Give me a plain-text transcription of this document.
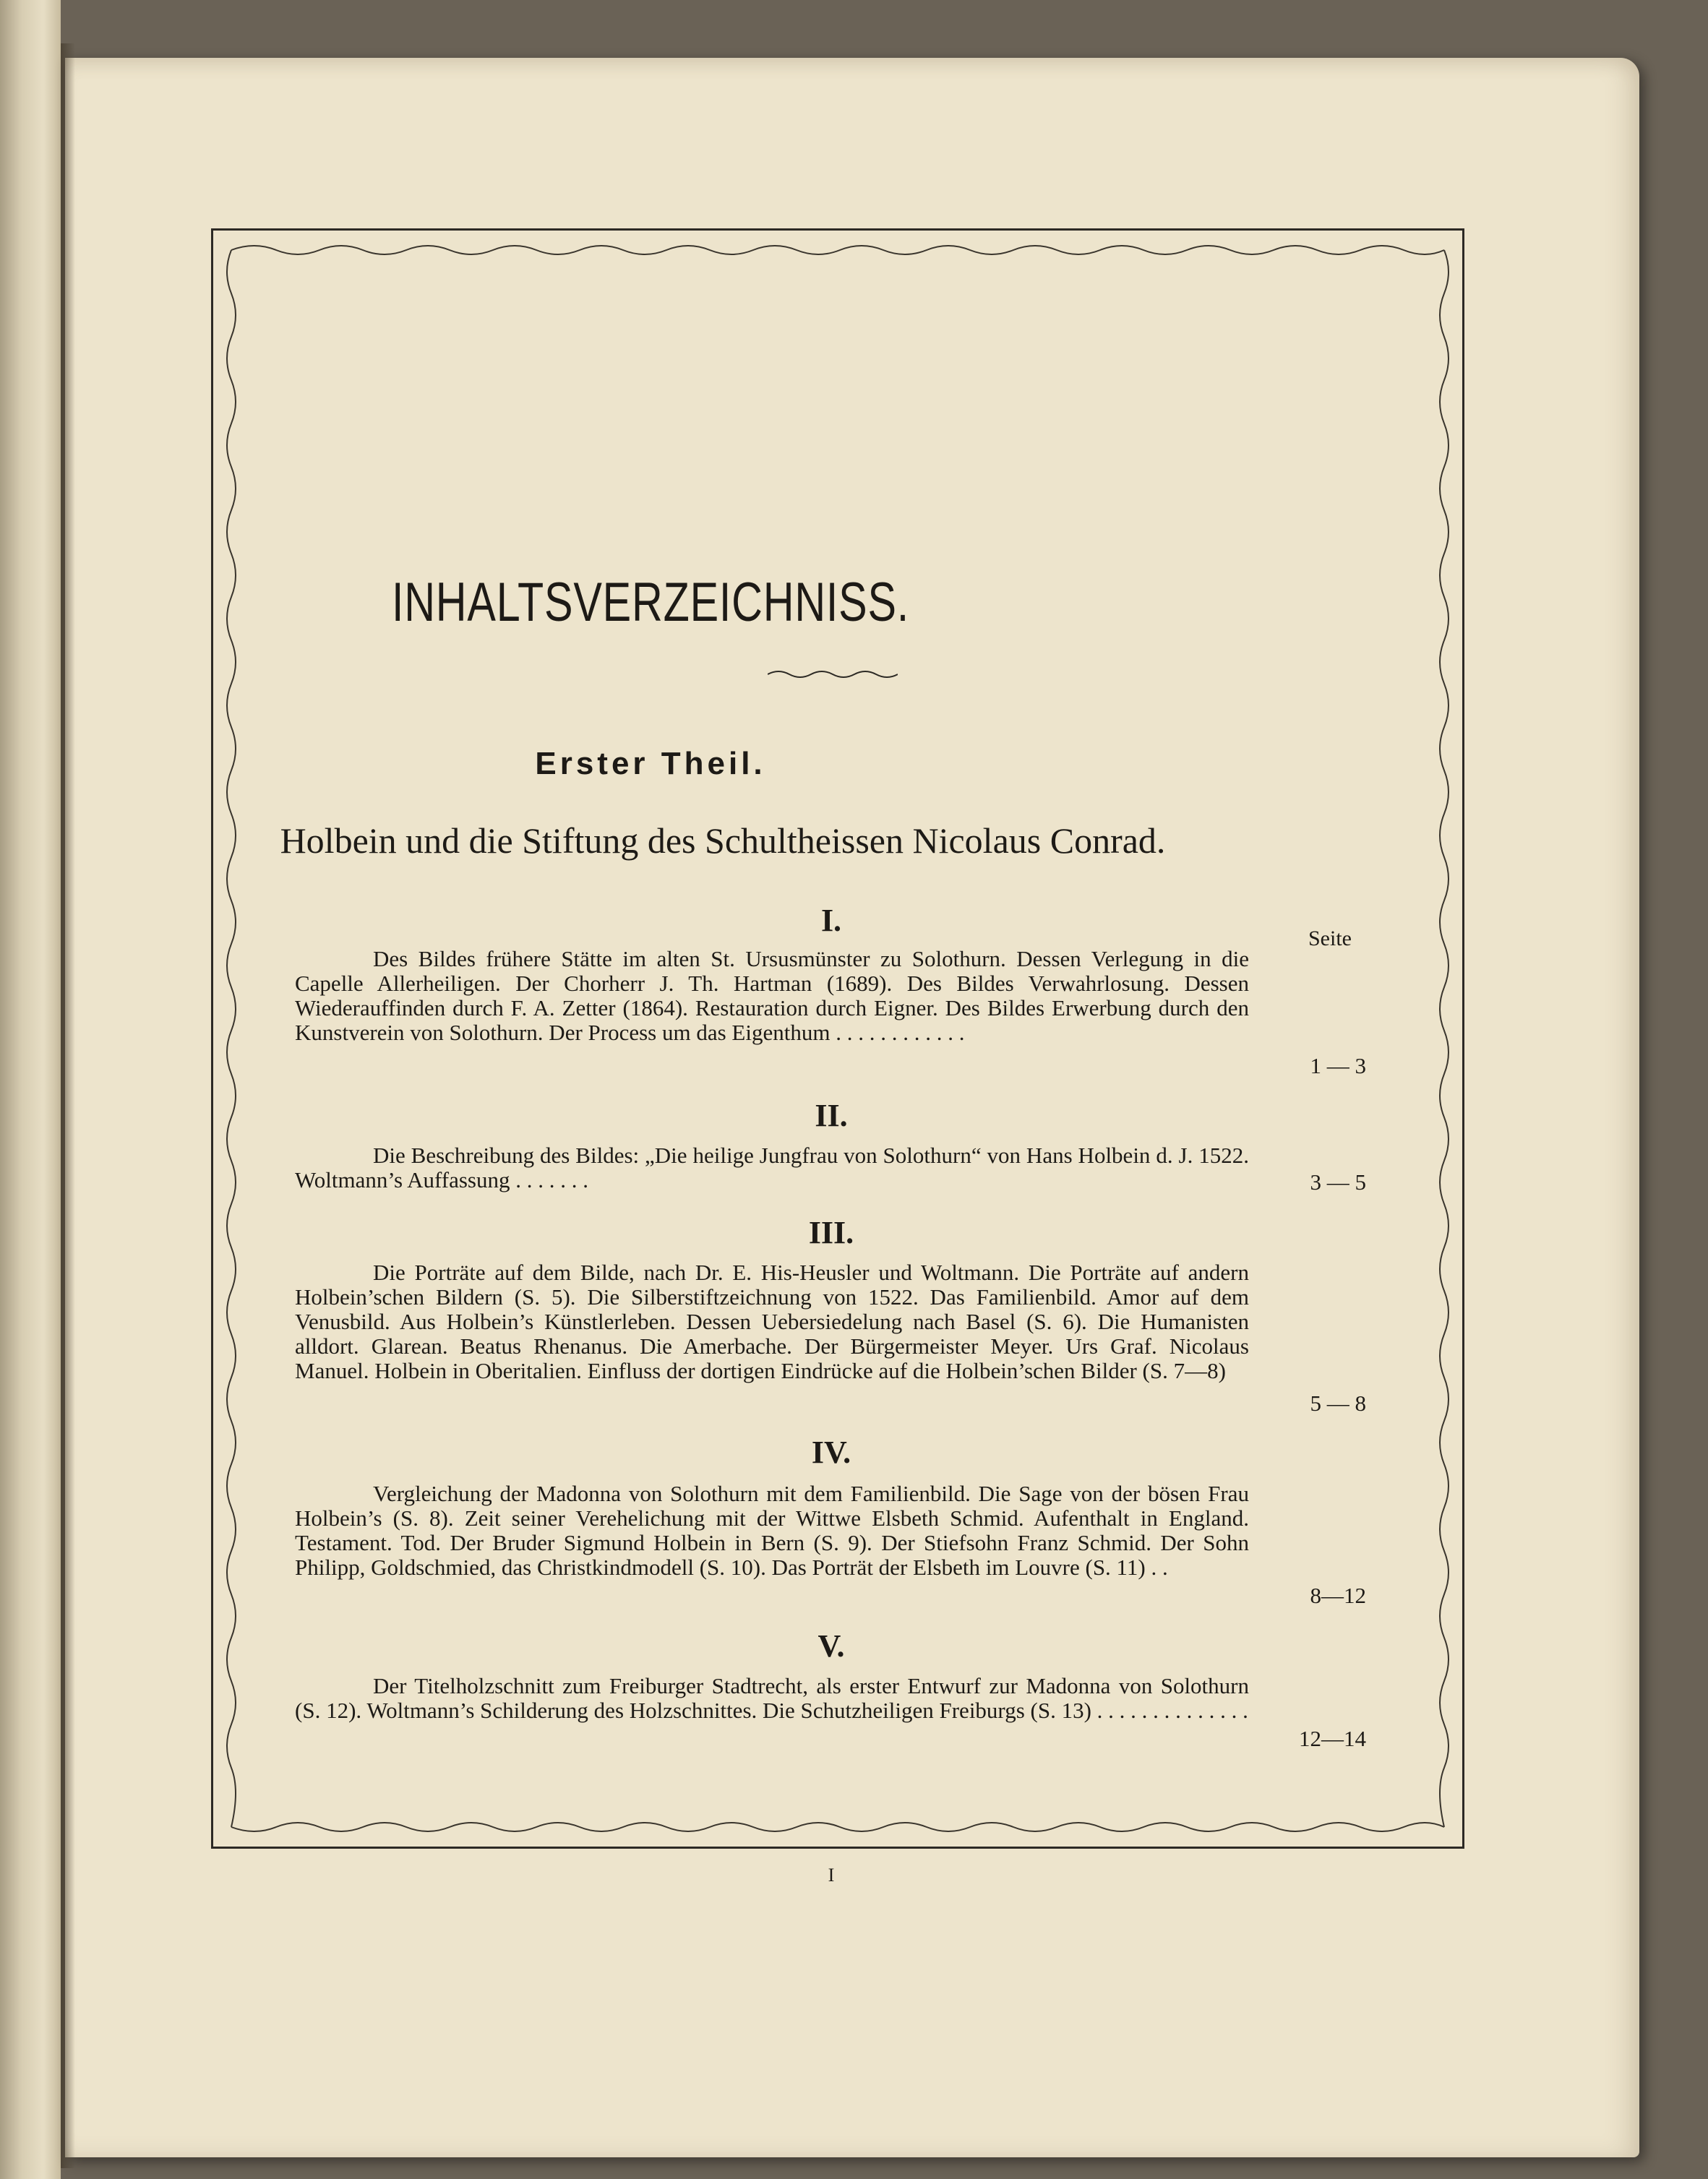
INHALTSVERZEICHNISS.
Erster Theil.
Holbein und die Stiftung des Schultheissen Nicolaus Conrad.
Seite
I.

Des Bildes frühere Stätte im alten St. Ursusmünster zu Solothurn. Dessen Verlegung in die Capelle Allerheiligen. Der Chorherr J. Th. Hartman (1689). Des Bildes Verwahrlosung. Dessen Wiederauffinden durch F. A. Zetter (1864). Restauration durch Eigner. Des Bildes Erwerbung durch den Kunstverein von Solothurn. Der Process um das Eigenthum . . . . . . . . . . . .

1 — 3
II.

Die Beschreibung des Bildes: „Die heilige Jungfrau von Solothurn“ von Hans Holbein d. J. 1522. Woltmann’s Auffassung . . . . . . .	3 — 5
III.

Die Porträte auf dem Bilde, nach Dr. E. His-Heusler und Woltmann. Die Porträte auf andern Holbein’schen Bildern (S. 5). Die Silberstiftzeichnung von 1522. Das Familienbild. Amor auf dem Venusbild. Aus Holbein’s Künstlerleben. Dessen Uebersiedelung nach Basel (S. 6). Die Humanisten alldort. Glarean. Beatus Rhenanus. Die Amerbache. Der Bürgermeister Meyer. Urs Graf. Nicolaus Manuel. Holbein in Oberitalien. Einfluss der dortigen Eindrücke auf die Holbein’schen Bilder (S. 7—8)

5 — 8
IV.

Vergleichung der Madonna von Solothurn mit dem Familienbild. Die Sage von der bösen Frau Holbein’s (S. 8). Zeit seiner Verehelichung mit der Wittwe Elsbeth Schmid. Aufenthalt in England. Testament. Tod. Der Bruder Sigmund Holbein in Bern (S. 9). Der Stiefsohn Franz Schmid. Der Sohn Philipp, Goldschmied, das Christkindmodell (S. 10). Das Porträt der Elsbeth im Louvre (S. 11) . .

8—12
V.

Der Titelholzschnitt zum Freiburger Stadtrecht, als erster Entwurf zur Madonna von Solothurn (S. 12). Woltmann’s Schilderung des Holzschnittes. Die Schutzheiligen Freiburgs (S. 13) . . . . . . . . . . . . . .

12—14
I
